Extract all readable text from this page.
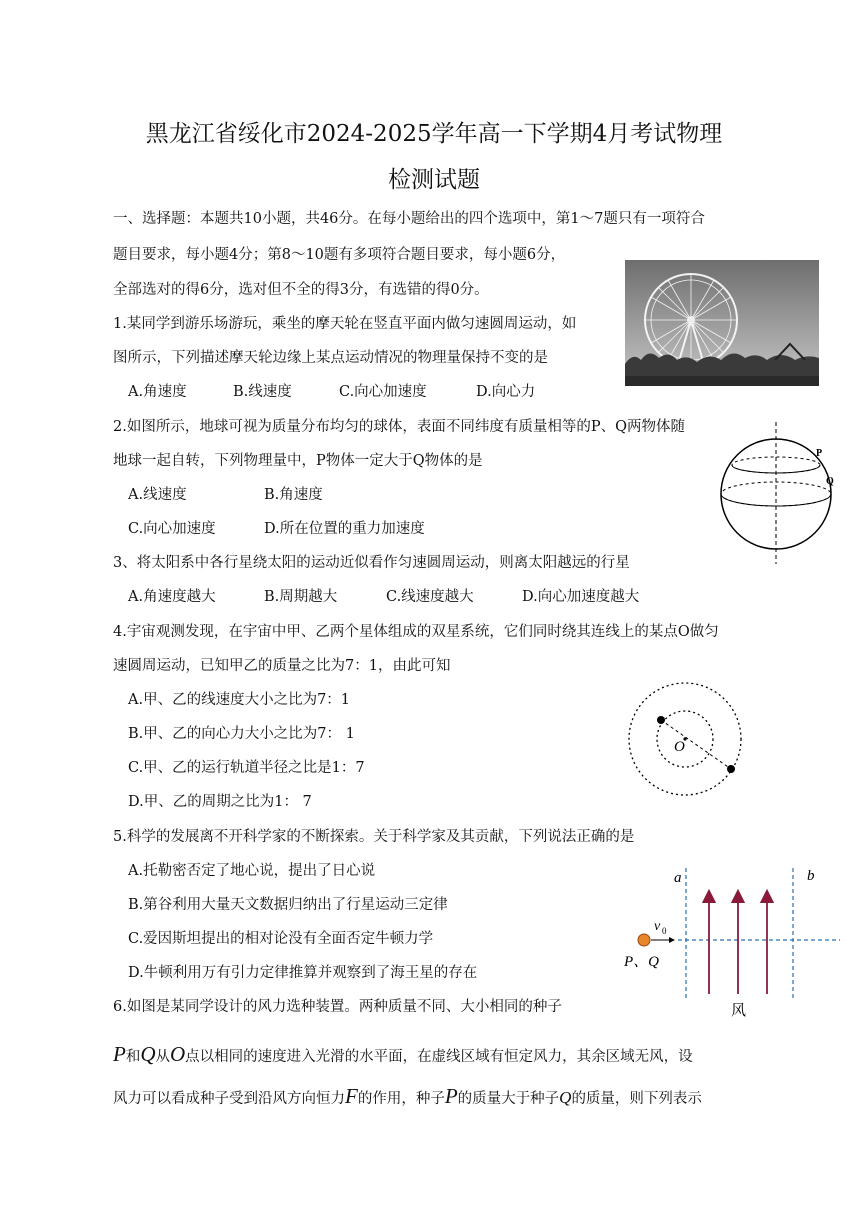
黑龙江省绥化市2024-2025学年高一下学期4月考试物理
检测试题
一、选择题：本题共10小题，共46分。在每小题给出的四个选项中，第1～7题只有一项符合
题目要求，每小题4分；第8～10题有多项符合题目要求，每小题6分，
全部选对的得6分，选对但不全的得3分，有选错的得0分。
1.某同学到游乐场游玩，乘坐的摩天轮在竖直平面内做匀速圆周运动，如
图所示，下列描述摩天轮边缘上某点运动情况的物理量保持不变的是
A.角速度	B.线速度	C.向心加速度	D.向心力
2.如图所示，地球可视为质量分布均匀的球体，表面不同纬度有质量相等的P、Q两物体随
地球一起自转，下列物理量中，P物体一定大于Q物体的是
A.线速度	B.角速度
C.向心加速度	D.所在位置的重力加速度
P
Q
3、将太阳系中各行星绕太阳的运动近似看作匀速圆周运动，则离太阳越远的行星
A.角速度越大	B.周期越大	C.线速度越大	D.向心加速度越大
4.宇宙观测发现，在宇宙中甲、乙两个星体组成的双星系统，它们同时绕其连线上的某点O做匀
速圆周运动，已知甲乙的质量之比为7：1，由此可知
A.甲、乙的线速度大小之比为7：1
B.甲、乙的向心力大小之比为7： 1
C.甲、乙的运行轨道半径之比是1：7
D.甲、乙的周期之比为1： 7
O
5.科学的发展离不开科学家的不断探索。关于科学家及其贡献，下列说法正确的是
A.托勒密否定了地心说，提出了日心说
B.第谷利用大量天文数据归纳出了行星运动三定律
C.爱因斯坦提出的相对论没有全面否定牛顿力学
D.牛顿利用万有引力定律推算并观察到了海王星的存在
a	b
v 0
P、Q
风
6.如图是某同学设计的风力选种装置。两种质量不同、大小相同的种子
P和Q从O点以相同的速度进入光滑的水平面，在虚线区域有恒定风力，其余区域无风，设
风力可以看成种子受到沿风方向恒力F的作用，种子P的质量大于种子Q的质量，则下列表示
